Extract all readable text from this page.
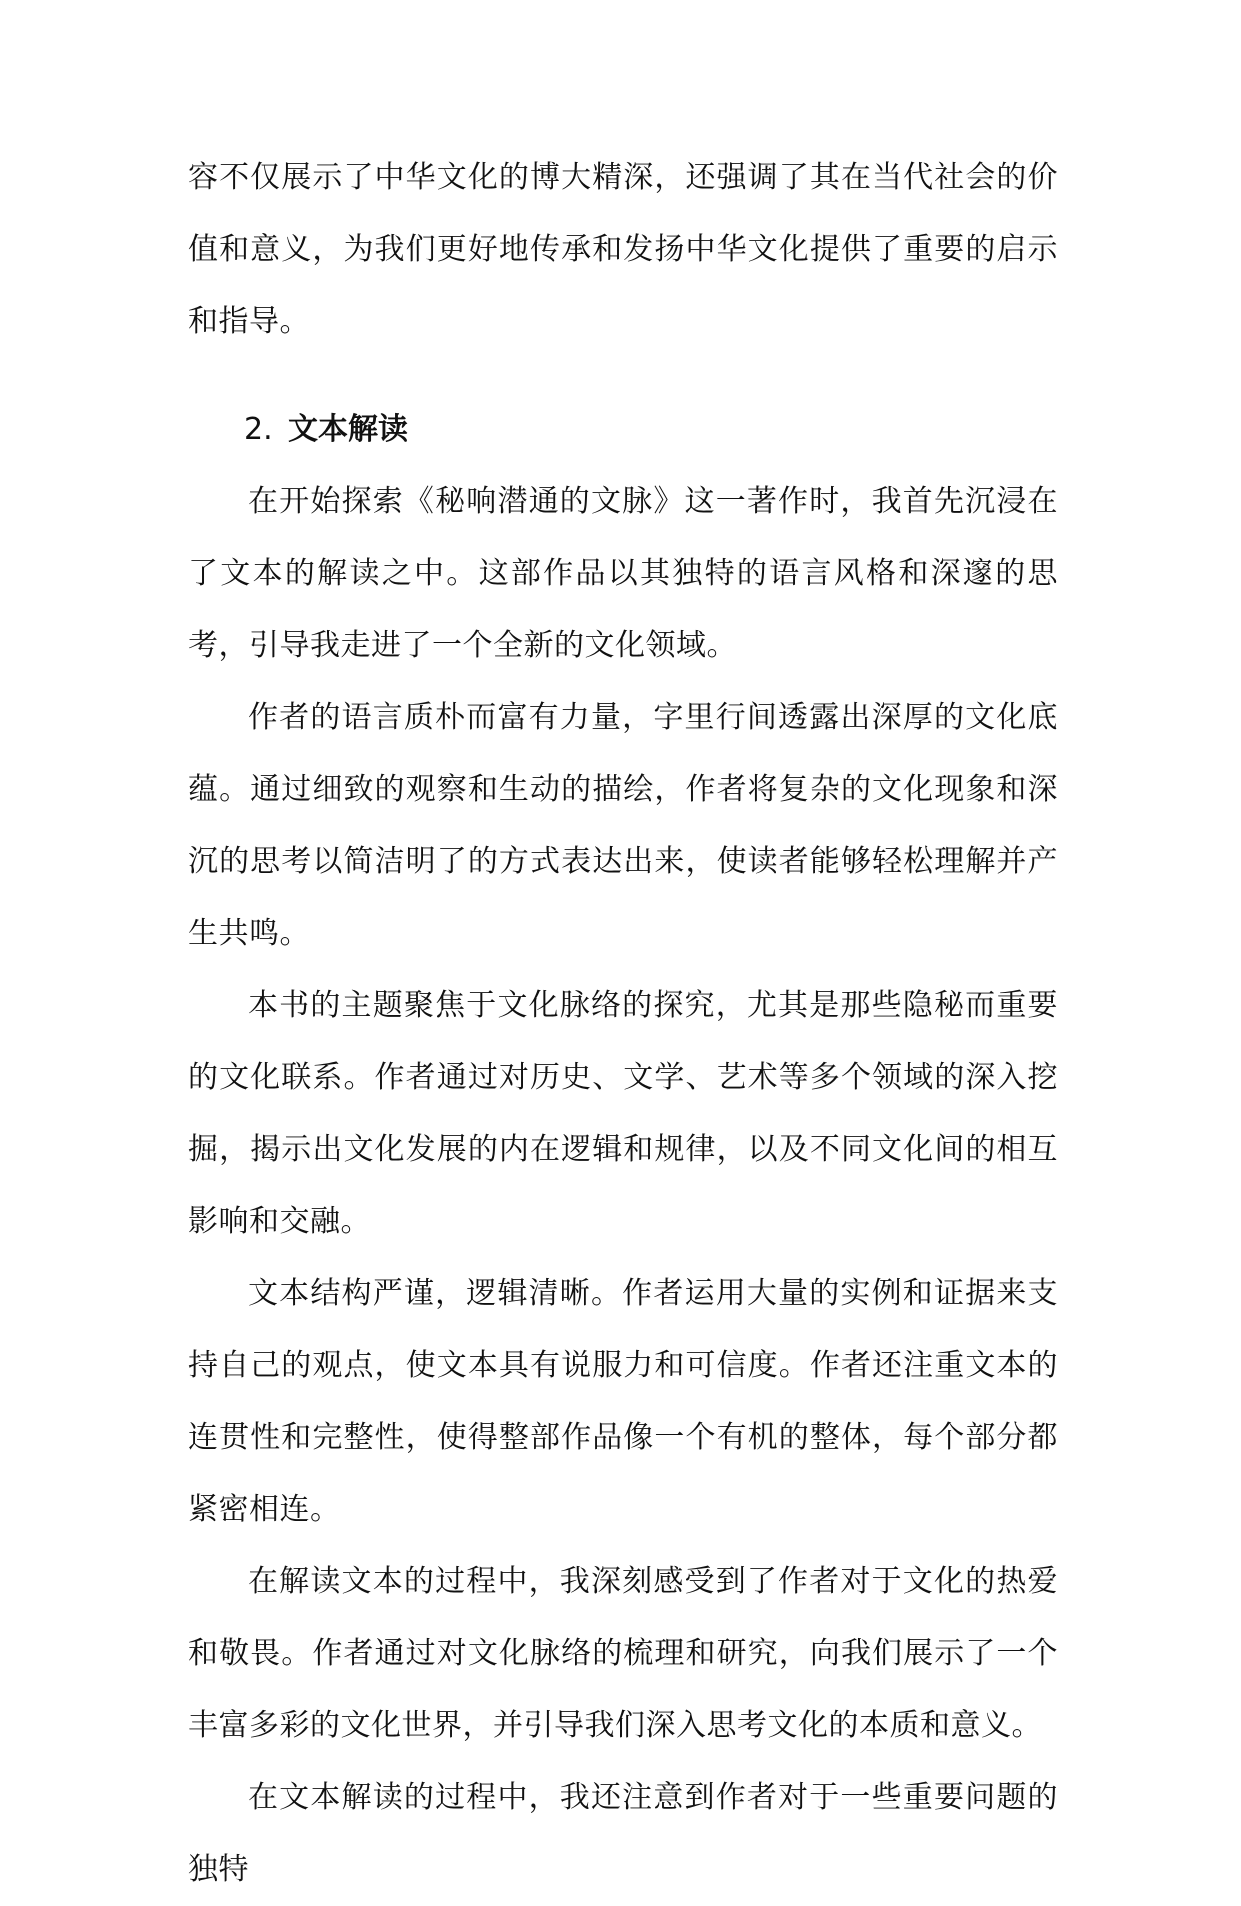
容不仅展示了中华文化的博大精深，还强调了其在当代社会的价值和意义，为我们更好地传承和发扬中华文化提供了重要的启示和指导。

2. 文本解读

在开始探索《秘响潜通的文脉》这一著作时，我首先沉浸在了文本的解读之中。这部作品以其独特的语言风格和深邃的思考，引导我走进了一个全新的文化领域。

作者的语言质朴而富有力量，字里行间透露出深厚的文化底蕴。通过细致的观察和生动的描绘，作者将复杂的文化现象和深沉的思考以简洁明了的方式表达出来，使读者能够轻松理解并产生共鸣。

本书的主题聚焦于文化脉络的探究，尤其是那些隐秘而重要的文化联系。作者通过对历史、文学、艺术等多个领域的深入挖掘，揭示出文化发展的内在逻辑和规律，以及不同文化间的相互影响和交融。

文本结构严谨，逻辑清晰。作者运用大量的实例和证据来支持自己的观点，使文本具有说服力和可信度。作者还注重文本的连贯性和完整性，使得整部作品像一个有机的整体，每个部分都紧密相连。

在解读文本的过程中，我深刻感受到了作者对于文化的热爱和敬畏。作者通过对文化脉络的梳理和研究，向我们展示了一个丰富多彩的文化世界，并引导我们深入思考文化的本质和意义。

在文本解读的过程中，我还注意到作者对于一些重要问题的独特
